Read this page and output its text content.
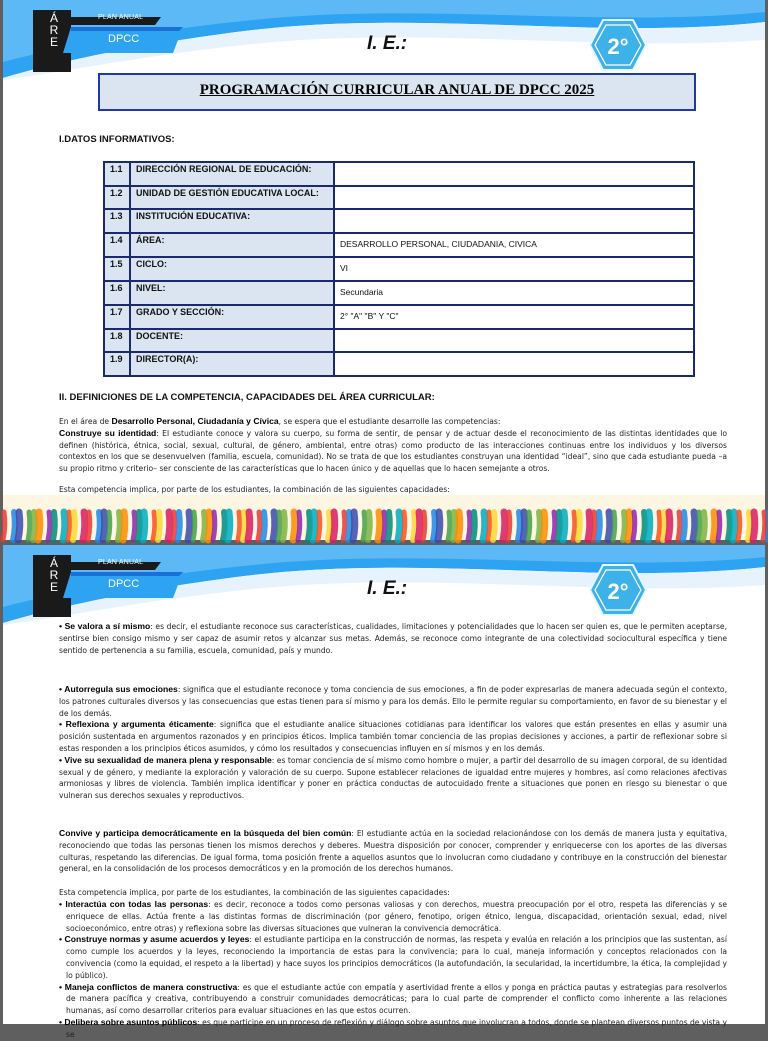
Á
R
E
PLAN ANUAL
DPCC	I. E.:	2°
PROGRAMACIÓN CURRICULAR ANUAL DE DPCC 2025
I.DATOS INFORMATIVOS:
1.1	DIRECCIÓN REGIONAL DE EDUCACIÓN:	
1.2	UNIDAD DE GESTIÓN EDUCATIVA LOCAL:	
1.3	INSTITUCIÓN EDUCATIVA:	
1.4	ÁREA:	DESARROLLO PERSONAL, CIUDADANIA, CIVICA
1.5	CICLO:	VI
1.6	NIVEL:	Secundaria
1.7	GRADO Y SECCIÓN:	2° "A" "B" Y "C"
1.8	DOCENTE:	
1.9	DIRECTOR(A):	
II. DEFINICIONES DE LA COMPETENCIA, CAPACIDADES DEL ÁREA CURRICULAR:
En el área de Desarrollo Personal, Ciudadanía y Cívica, se espera que el estudiante desarrolle las competencias:
Construye su identidad: El estudiante conoce y valora su cuerpo, su forma de sentir, de pensar y de actuar desde el reconocimiento de las distintas identidades que lo definen (histórica, étnica, social, sexual, cultural, de género, ambiental, entre otras) como producto de las interacciones continuas entre los individuos y los diversos contextos en los que se desenvuelven (familia, escuela, comunidad). No se trata de que los estudiantes construyan una identidad “ideal”, sino que cada estudiante pueda –a su propio ritmo y criterio– ser consciente de las características que lo hacen único y de aquellas que lo hacen semejante a otros.
Esta competencia implica, por parte de los estudiantes, la combinación de las siguientes capacidades:
Á
R
E
PLAN ANUAL
DPCC	I. E.:	2°
• Se valora a sí mismo: es decir, el estudiante reconoce sus características, cualidades, limitaciones y potencialidades que lo hacen ser quien es, que le permiten aceptarse, sentirse bien consigo mismo y ser capaz de asumir retos y alcanzar sus metas. Además, se reconoce como integrante de una colectividad sociocultural específica y tiene sentido de pertenencia a su familia, escuela, comunidad, país y mundo.
• Autorregula sus emociones: significa que el estudiante reconoce y toma conciencia de sus emociones, a fin de poder expresarlas de manera adecuada según el contexto, los patrones culturales diversos y las consecuencias que estas tienen para sí mismo y para los demás. Ello le permite regular su comportamiento, en favor de su bienestar y el de los demás.
• Reflexiona y argumenta éticamente: significa que el estudiante analice situaciones cotidianas para identificar los valores que están presentes en ellas y asumir una posición sustentada en argumentos razonados y en principios éticos. Implica también tomar conciencia de las propias decisiones y acciones, a partir de reflexionar sobre si estas responden a los principios éticos asumidos, y cómo los resultados y consecuencias influyen en sí mismos y en los demás.
• Vive su sexualidad de manera plena y responsable: es tomar conciencia de sí mismo como hombre o mujer, a partir del desarrollo de su imagen corporal, de su identidad sexual y de género, y mediante la exploración y valoración de su cuerpo. Supone establecer relaciones de igualdad entre mujeres y hombres, así como relaciones afectivas armoniosas y libres de violencia. También implica identificar y poner en práctica conductas de autocuidado frente a situaciones que ponen en riesgo su bienestar o que vulneran sus derechos sexuales y reproductivos.
Convive y participa democráticamente en la búsqueda del bien común: El estudiante actúa en la sociedad relacionándose con los demás de manera justa y equitativa, reconociendo que todas las personas tienen los mismos derechos y deberes. Muestra disposición por conocer, comprender y enriquecerse con los aportes de las diversas culturas, respetando las diferencias. De igual forma, toma posición frente a aquellos asuntos que lo involucran como ciudadano y contribuye en la construcción del bienestar general, en la consolidación de los procesos democráticos y en la promoción de los derechos humanos.
Esta competencia implica, por parte de los estudiantes, la combinación de las siguientes capacidades:
• Interactúa con todas las personas: es decir, reconoce a todos como personas valiosas y con derechos, muestra preocupación por el otro, respeta las diferencias y se enriquece de ellas. Actúa frente a las distintas formas de discriminación (por género, fenotipo, origen étnico, lengua, discapacidad, orientación sexual, edad, nivel socioeconómico, entre otras) y reflexiona sobre las diversas situaciones que vulneran la convivencia democrática.
• Construye normas y asume acuerdos y leyes: el estudiante participa en la construcción de normas, las respeta y evalúa en relación a los principios que las sustentan, así como cumple los acuerdos y la leyes, reconociendo la importancia de estas para la convivencia; para lo cual, maneja información y conceptos relacionados con la convivencia (como la equidad, el respeto a la libertad) y hace suyos los principios democráticos (la autofundación, la secularidad, la incertidumbre, la ética, la complejidad y lo público).
• Maneja conflictos de manera constructiva: es que el estudiante actúe con empatía y asertividad frente a ellos y ponga en práctica pautas y estrategias para resolverlos de manera pacífica y creativa, contribuyendo a construir comunidades democráticas; para lo cual parte de comprender el conflicto como inherente a las relaciones humanas, así como desarrollar criterios para evaluar situaciones en las que estos ocurren.
• Delibera sobre asuntos públicos: es que participe en un proceso de reflexión y diálogo sobre asuntos que involucran a todos, donde se plantean diversos puntos de vista y se
